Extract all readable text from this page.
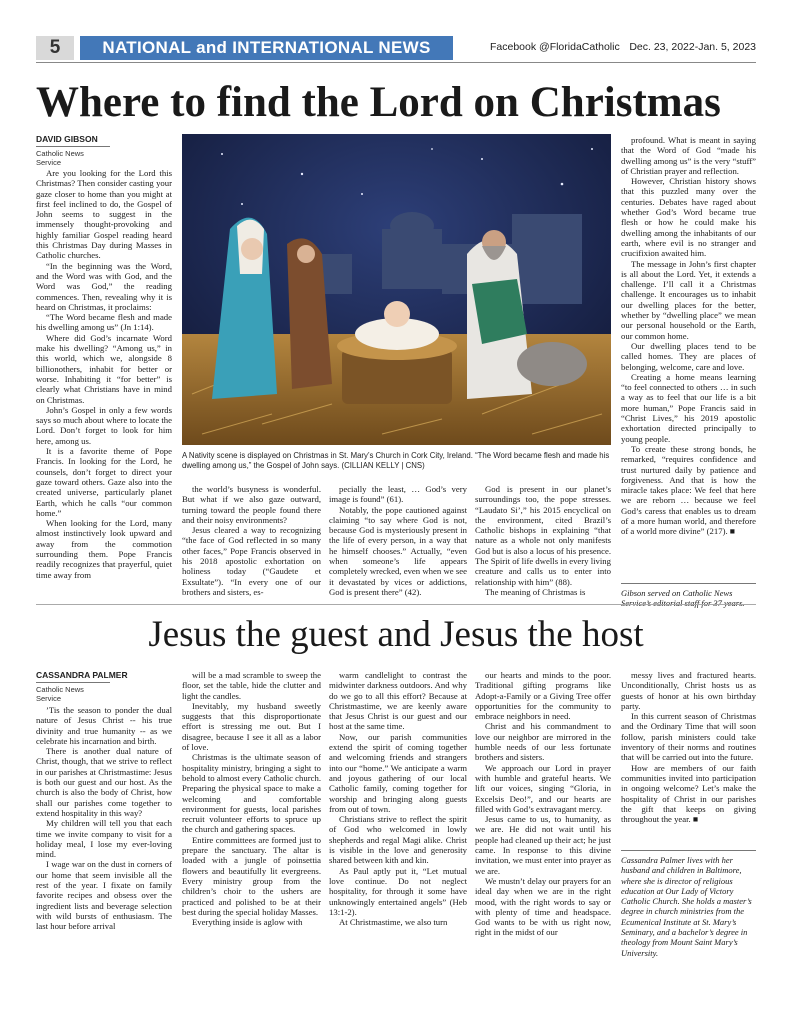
5	NATIONAL and INTERNATIONAL NEWS	Facebook @FloridaCatholic Dec. 23, 2022-Jan. 5, 2023
Where to find the Lord on Christmas
DAVID GIBSON
Catholic News Service

Are you looking for the Lord this Christmas? Then consider casting your gaze closer to home than you might at first feel inclined to do, the Gospel of John seems to suggest in the immensely thought-provoking and highly familiar Gospel reading heard this Christmas Day during Masses in Catholic churches.

“In the beginning was the Word, and the Word was with God, and the Word was God,” the reading commences. Then, revealing why it is heard on Christmas, it proclaims:

“The Word became flesh and made his dwelling among us” (Jn 1:14).

Where did God’s incarnate Word make his dwelling? “Among us,” in this world, which we, alongside 8 billionothers, inhabit for better or worse. Inhabiting it “for better” is clearly what Christians have in mind on Christmas.

John’s Gospel in only a few words says so much about where to locate the Lord. Don’t forget to look for him here, among us.

It is a favorite theme of Pope Francis. In looking for the Lord, he counsels, don’t forget to direct your gaze toward others. Gaze also into the created universe, particularly planet Earth, which he calls “our common home.”

When looking for the Lord, many almost instinctively look upward and away from the commotion surrounding them. Pope Francis readily recognizes that prayerful, quiet time away from

A Nativity scene is displayed on Christmas in St. Mary’s Church in Cork City, Ireland. “The Word became flesh and made his dwelling among us,” the Gospel of John says. (CILLIAN KELLY | CNS)

the world’s busyness is wonderful. But what if we also gaze outward, turning toward the people found there and their noisy environments?

Jesus cleared a way to recognizing “the face of God reflected in so many other faces,” Pope Francis observed in his 2018 apostolic exhortation on holiness today (“Gaudete et Exsultate”). “In every one of our brothers and sisters, es-

pecially the least, … God’s very image is found” (61).

Notably, the pope cautioned against claiming “to say where God is not, because God is mysteriously present in the life of every person, in a way that he himself chooses.” Actually, “even when someone’s life appears completely wrecked, even when we see it devastated by vices or addictions, God is present there” (42).

God is present in our planet’s surroundings too, the pope stresses. “Laudato Si’,” his 2015 encyclical on the environment, cited Brazil’s Catholic bishops in explaining “that nature as a whole not only manifests God but is also a locus of his presence. The Spirit of life dwells in every living creature and calls us to enter into relationship with him” (88).

The meaning of Christmas is

profound. What is meant in saying that the Word of God “made his dwelling among us” is the very “stuff” of Christian prayer and reflection.

However, Christian history shows that this puzzled many over the centuries. Debates have raged about whether God’s Word became true flesh or how he could make his dwelling among the inhabitants of our earth, where evil is no stranger and crucifixion awaited him.

The message in John’s first chapter is all about the Lord. Yet, it extends a challenge. I’ll call it a Christmas challenge. It encourages us to inhabit our dwelling places for the better, whether by “dwelling place” we mean our personal household or the Earth, our common home.

Our dwelling places tend to be called homes. They are places of belonging, welcome, care and love.

Creating a home means learning “to feel connected to others … in such a way as to feel that our life is a bit more human,” Pope Francis said in “Christ Lives,” his 2019 apostolic exhortation directed principally to young people.

To create these strong bonds, he remarked, “requires confidence and trust nurtured daily by patience and forgiveness. And that is how the miracle takes place: We feel that here we are reborn … because we feel God’s caress that enables us to dream of a more human world, and therefore of a world more divine” (217). ■

Gibson served on Catholic News Service’s editorial staff for 37 years.
Jesus the guest and Jesus the host
CASSANDRA PALMER
Catholic News Service

’Tis the season to ponder the dual nature of Jesus Christ -- his true divinity and true humanity -- as we celebrate his incarnation and birth.

There is another dual nature of Christ, though, that we strive to reflect in our parishes at Christmastime: Jesus is both our guest and our host. As the church is also the body of Christ, how shall our parishes come together to extend hospitality in this way?

My children will tell you that each time we invite company to visit for a holiday meal, I lose my ever-loving mind.

I wage war on the dust in corners of our home that seem invisible all the rest of the year. I fixate on family favorite recipes and obsess over the ingredient lists and beverage selection with wild bursts of enthusiasm. The last hour before arrival

will be a mad scramble to sweep the floor, set the table, hide the clutter and light the candles.

Inevitably, my husband sweetly suggests that this disproportionate effort is stressing me out. But I disagree, because I see it all as a labor of love.

Christmas is the ultimate season of hospitality ministry, bringing a sight to behold to almost every Catholic church. Preparing the physical space to make a welcoming and comfortable environment for guests, local parishes recruit volunteer efforts to spruce up the church and gathering spaces.

Entire committees are formed just to prepare the sanctuary. The altar is loaded with a jungle of poinsettia flowers and beautifully lit evergreens. Every ministry group from the children’s choir to the ushers are practiced and polished to be at their best during the special holiday Masses.

Everything inside is aglow with

warm candlelight to contrast the midwinter darkness outdoors. And why do we go to all this effort? Because at Christmastime, we are keenly aware that Jesus Christ is our guest and our host at the same time.

Now, our parish communities extend the spirit of coming together and welcoming friends and strangers into our “home.” We anticipate a warm and joyous gathering of our local Catholic family, coming together for worship and bringing along guests from out of town.

Christians strive to reflect the spirit of God who welcomed in lowly shepherds and regal Magi alike. Christ is visible in the love and generosity shared between kith and kin.

As Paul aptly put it, “Let mutual love continue. Do not neglect hospitality, for through it some have unknowingly entertained angels” (Heb 13:1-2).

At Christmastime, we also turn

our hearts and minds to the poor. Traditional gifting programs like Adopt-a-Family or a Giving Tree offer opportunities for the community to embrace neighbors in need.

Christ and his commandment to love our neighbor are mirrored in the humble needs of our less fortunate brothers and sisters.

We approach our Lord in prayer with humble and grateful hearts. We lift our voices, singing “Gloria, in Excelsis Deo!”, and our hearts are filled with God’s extravagant mercy.

Jesus came to us, to humanity, as we are. He did not wait until his people had cleaned up their act; he just came. In response to this divine invitation, we must enter into prayer as we are.

We mustn’t delay our prayers for an ideal day when we are in the right mood, with the right words to say or with plenty of time and headspace. God wants to be with us right now, right in the midst of our

messy lives and fractured hearts. Unconditionally, Christ hosts us as guests of honor at his own birthday party.

In this current season of Christmas and the Ordinary Time that will soon follow, parish ministers could take inventory of their norms and routines that will be carried out into the future.

How are members of our faith communities invited into participation in ongoing welcome? Let’s make the hospitality of Christ in our parishes the gift that keeps on giving throughout the year. ■

Cassandra Palmer lives with her husband and children in Baltimore, where she is director of religious education at Our Lady of Victory Catholic Church. She holds a master’s degree in church ministries from the Ecumenical Institute at St. Mary’s Seminary, and a bachelor’s degree in theology from Mount Saint Mary’s University.
